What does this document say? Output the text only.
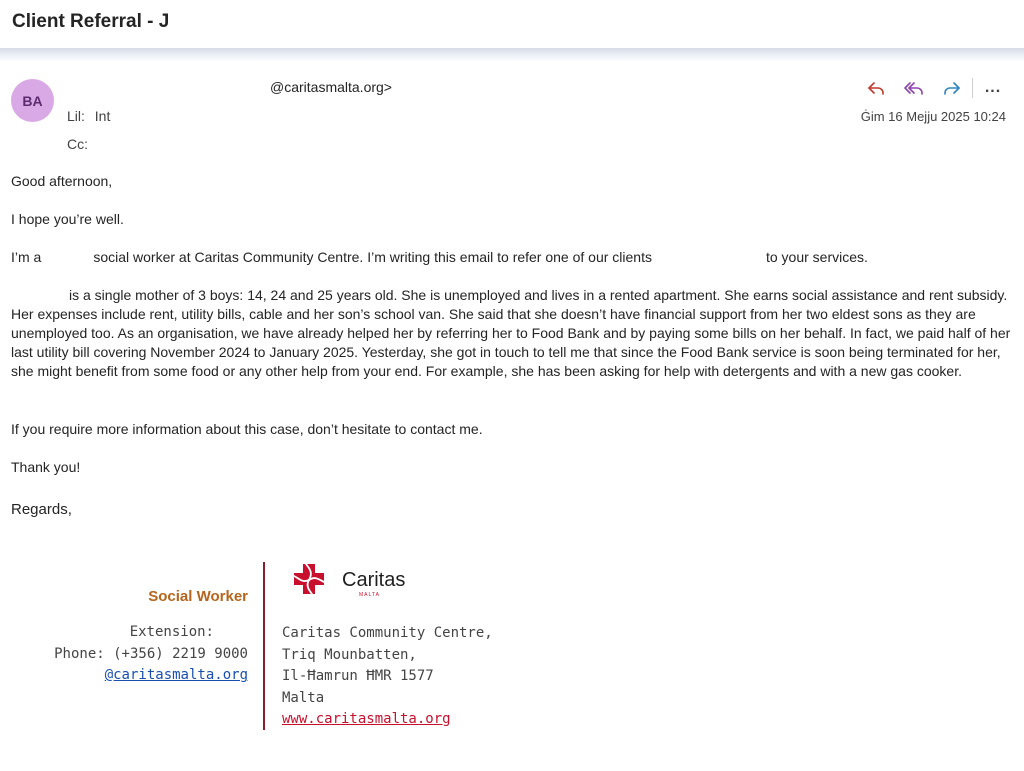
Client Referral - J
BA
@caritasmalta.org>
Lil: Int
Cc:
...
Ġim 16 Mejju 2025 10:24

Good afternoon,

I hope you’re well.

I’m a	social worker at Caritas Community Centre. I’m writing this email to refer one of our clients	to your services.

is a single mother of 3 boys: 14, 24 and 25 years old. She is unemployed and lives in a rented apartment. She earns social assistance and rent subsidy. Her expenses include rent, utility bills, cable and her son’s school van. She said that she doesn’t have financial support from her two eldest sons as they are unemployed too. As an organisation, we have already helped her by referring her to Food Bank and by paying some bills on her behalf. In fact, we paid half of her last utility bill covering November 2024 to January 2025. Yesterday, she got in touch to tell me that since the Food Bank service is soon being terminated for her, she might benefit from some food or any other help from your end. For example, she has been asking for help with detergents and with a new gas cooker.

If you require more information about this case, don’t hesitate to contact me.

Thank you!

Regards,

Social Worker
Extension:
Phone: (+356) 2219 9000
@caritasmalta.org
Caritas
MALTA
Caritas Community Centre,
Triq Mounbatten,
Il-Ħamrun ĦMR 1577
Malta
www.caritasmalta.org
